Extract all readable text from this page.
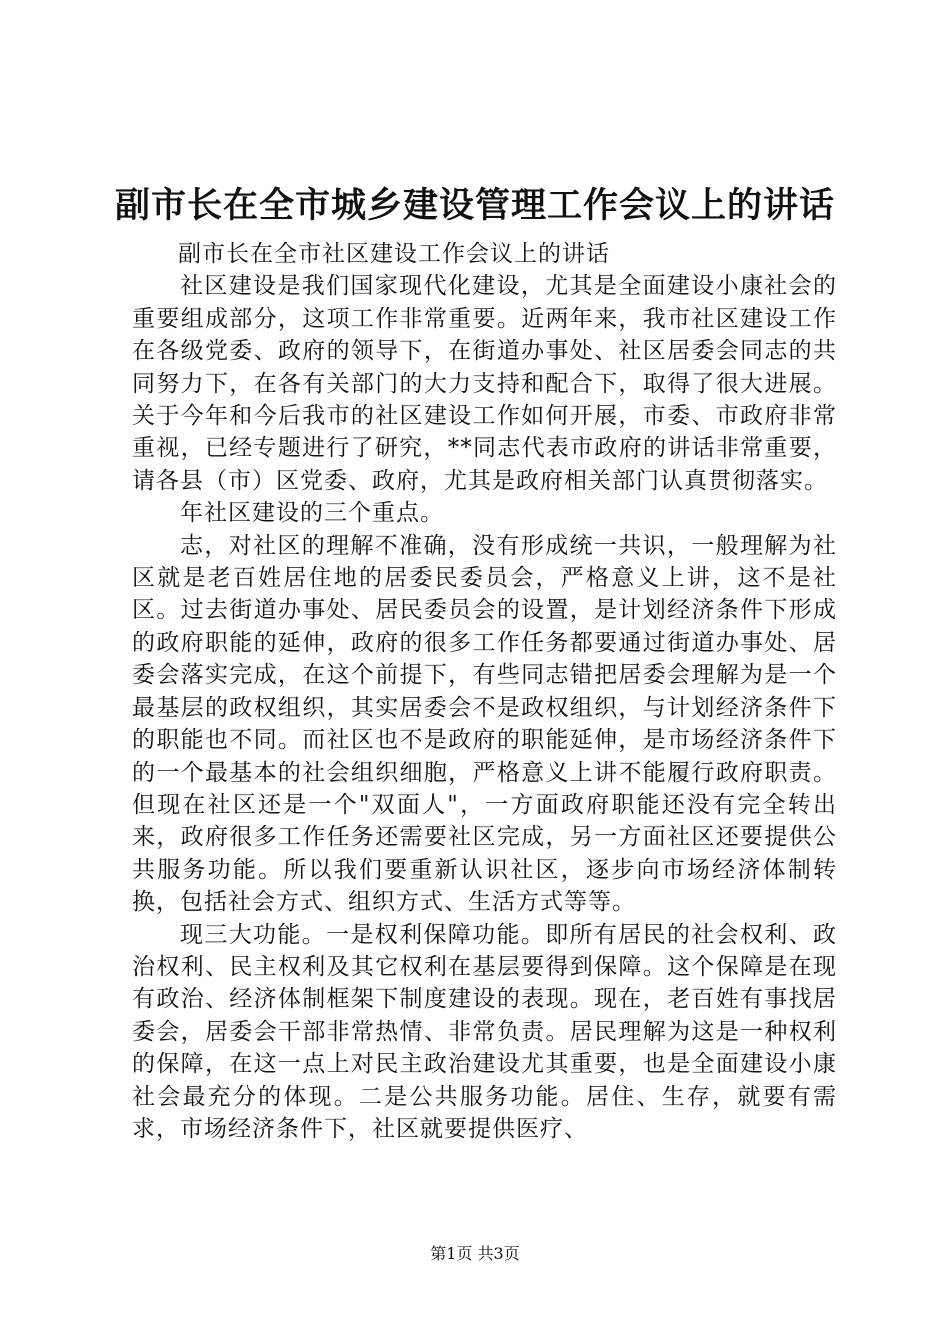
副市长在全市城乡建设管理工作会议上的讲话

副市长在全市社区建设工作会议上的讲话

社区建设是我们国家现代化建设，尤其是全面建设小康社会的重要组成部分，这项工作非常重要。近两年来，我市社区建设工作在各级党委、政府的领导下，在街道办事处、社区居委会同志的共同努力下，在各有关部门的大力支持和配合下，取得了很大进展。关于今年和今后我市的社区建设工作如何开展，市委、市政府非常重视，已经专题进行了研究，**同志代表市政府的讲话非常重要，请各县（市）区党委、政府，尤其是政府相关部门认真贯彻落实。

年社区建设的三个重点。

志，对社区的理解不准确，没有形成统一共识，一般理解为社区就是老百姓居住地的居委民委员会，严格意义上讲，这不是社区。过去街道办事处、居民委员会的设置，是计划经济条件下形成的政府职能的延伸，政府的很多工作任务都要通过街道办事处、居委会落实完成，在这个前提下，有些同志错把居委会理解为是一个最基层的政权组织，其实居委会不是政权组织，与计划经济条件下的职能也不同。而社区也不是政府的职能延伸，是市场经济条件下的一个最基本的社会组织细胞，严格意义上讲不能履行政府职责。但现在社区还是一个"双面人"，一方面政府职能还没有完全转出来，政府很多工作任务还需要社区完成，另一方面社区还要提供公共服务功能。所以我们要重新认识社区，逐步向市场经济体制转换，包括社会方式、组织方式、生活方式等等。

现三大功能。一是权利保障功能。即所有居民的社会权利、政治权利、民主权利及其它权利在基层要得到保障。这个保障是在现有政治、经济体制框架下制度建设的表现。现在，老百姓有事找居委会，居委会干部非常热情、非常负责。居民理解为这是一种权利的保障，在这一点上对民主政治建设尤其重要，也是全面建设小康社会最充分的体现。二是公共服务功能。居住、生存，就要有需求，市场经济条件下，社区就要提供医疗、

第1页 共3页
